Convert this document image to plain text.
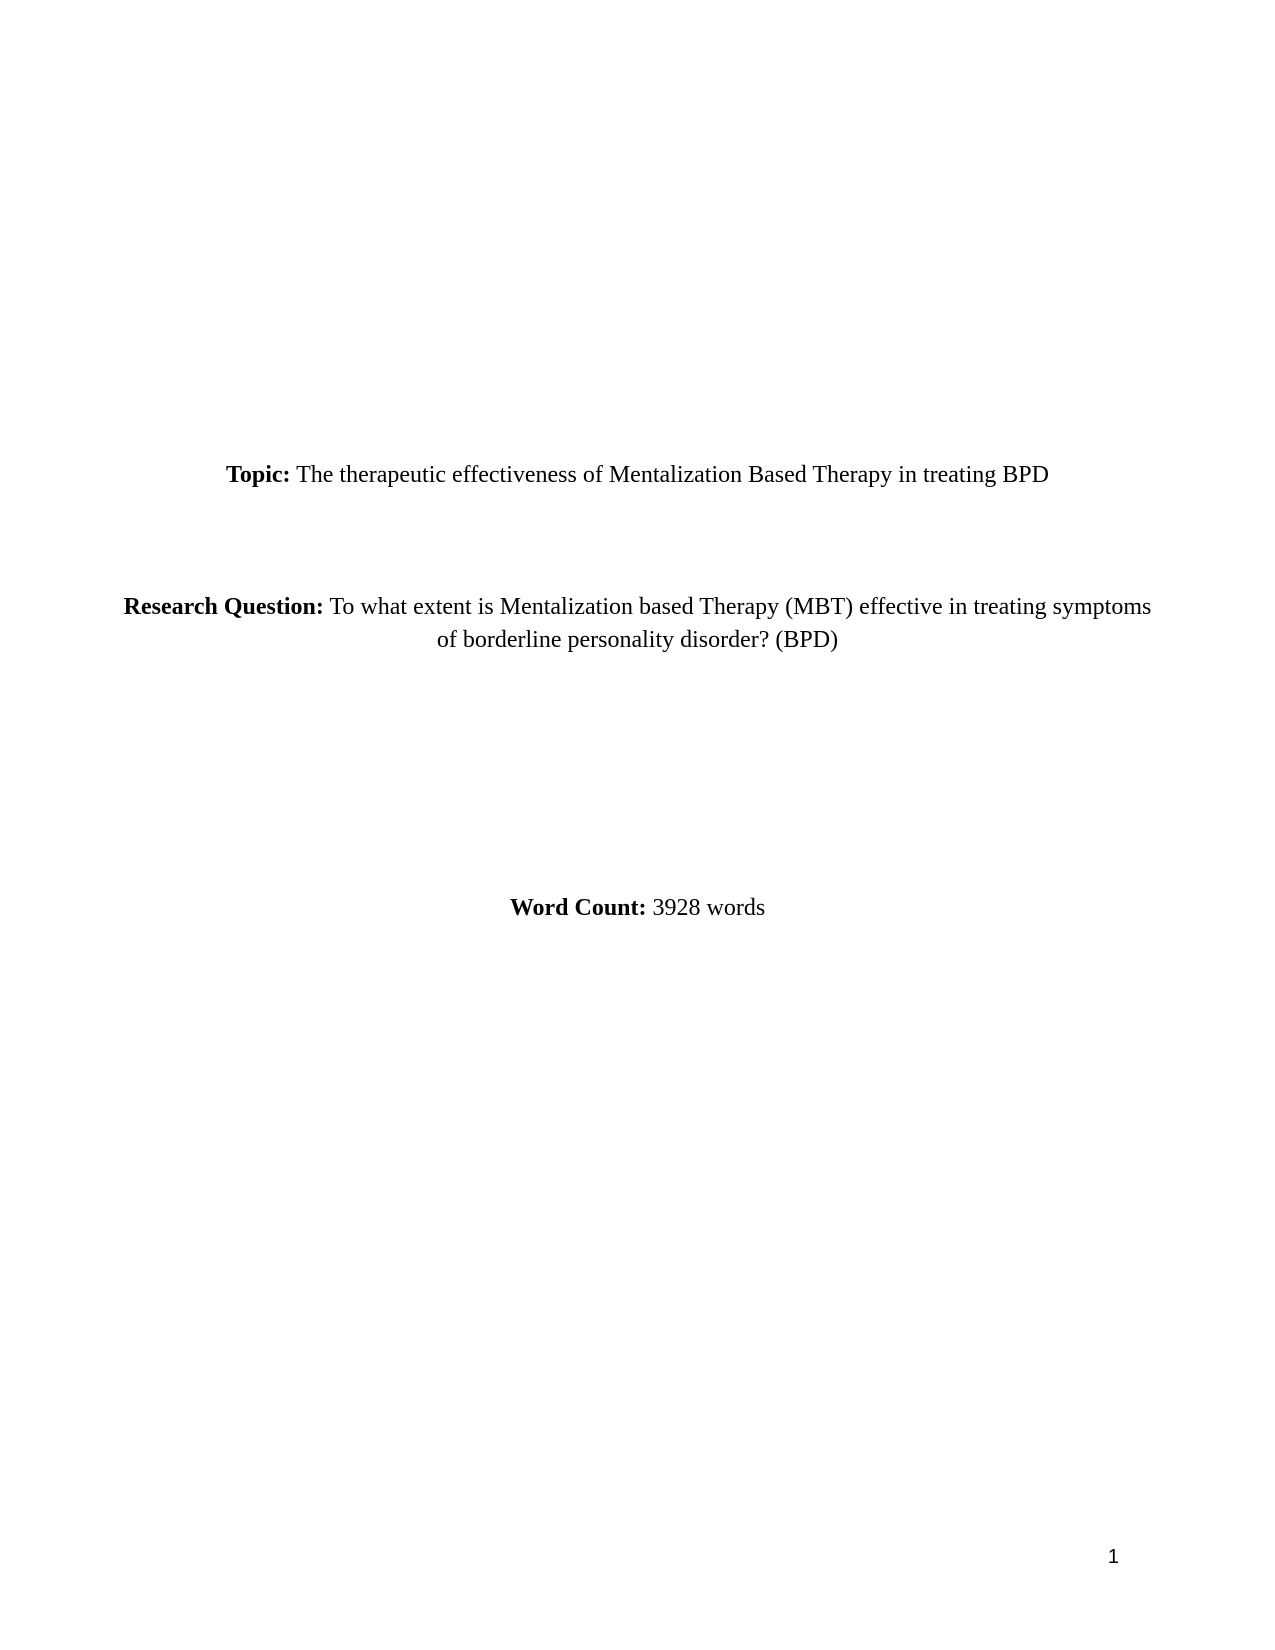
Topic: The therapeutic effectiveness of Mentalization Based Therapy in treating BPD
Research Question: To what extent is Mentalization based Therapy (MBT) effective in treating symptoms of borderline personality disorder? (BPD)
Word Count: 3928 words
1
